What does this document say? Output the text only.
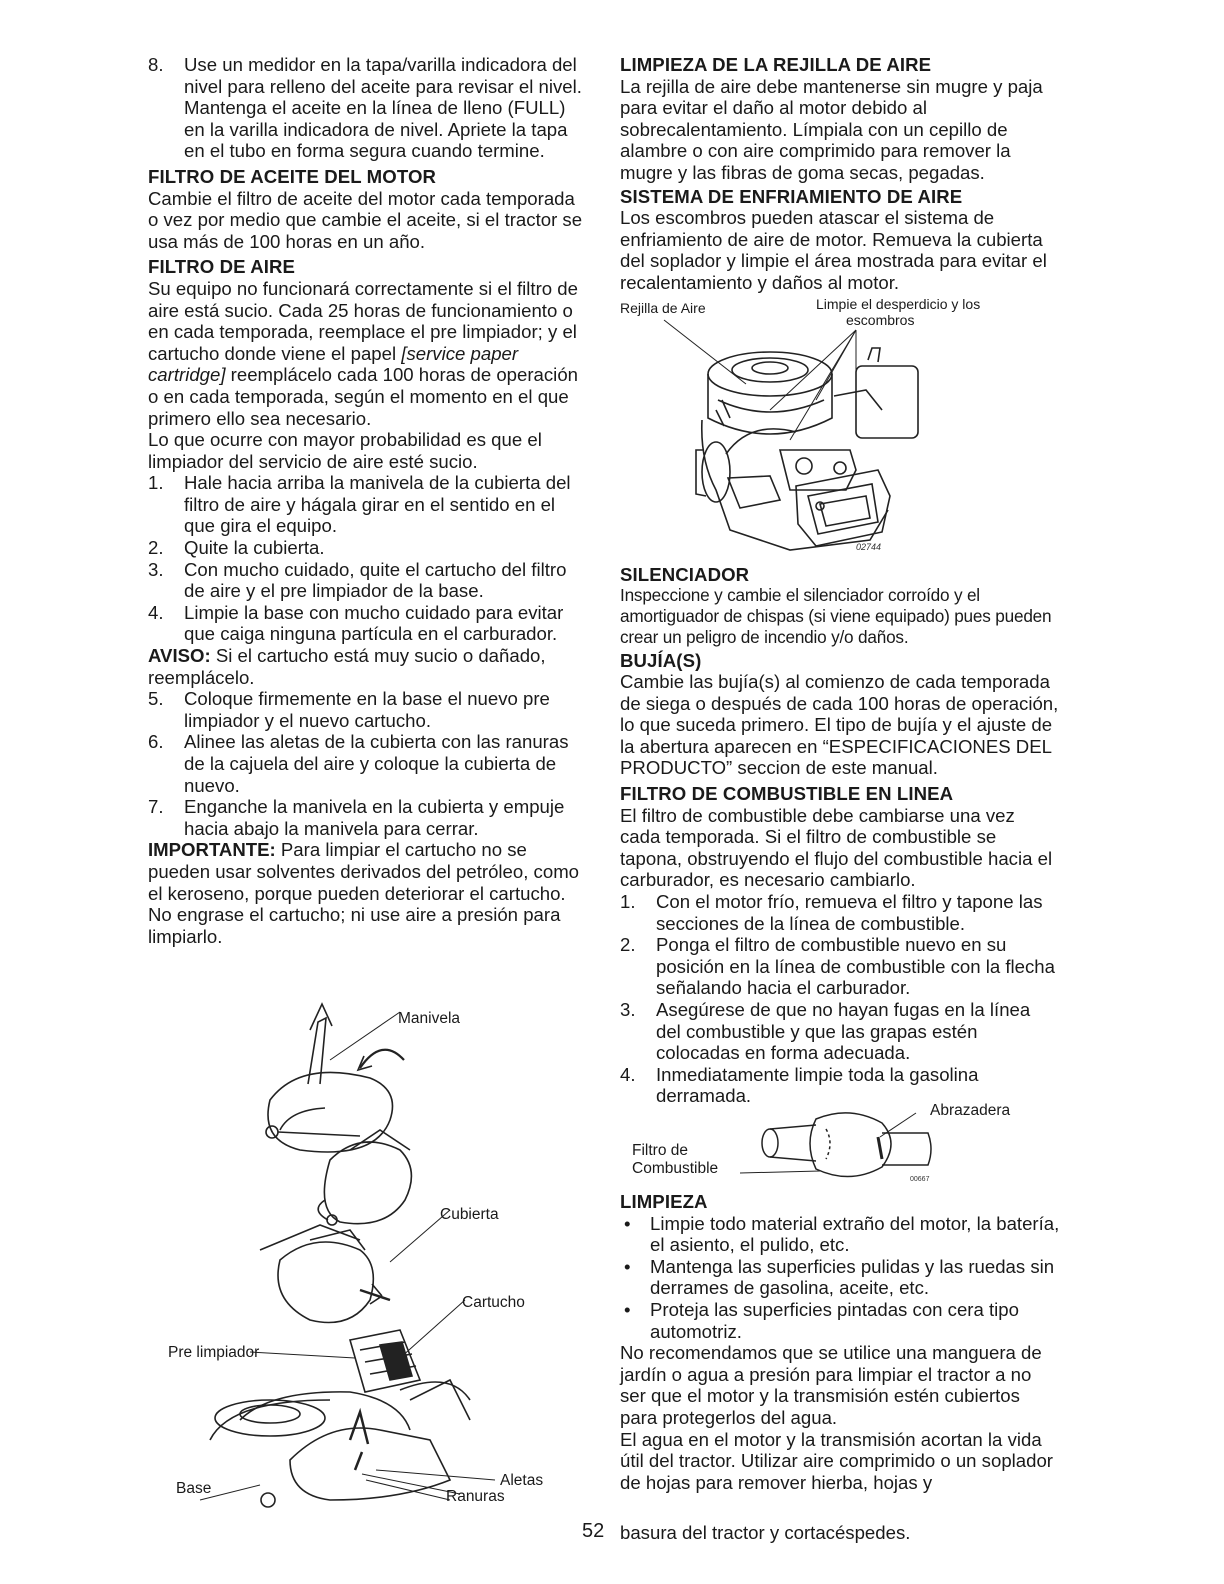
8.	Use un medidor en la tapa/varilla indicadora del nivel para relleno del aceite para revisar el nivel. Mantenga el aceite en la línea de lleno (FULL) en la varilla indicadora de nivel. Apriete la tapa en el tubo en forma segura cuando termine.
FILTRO DE ACEITE DEL MOTOR

Cambie el filtro de aceite del motor cada temporada o vez por medio que cambie el aceite, si el tractor se usa más de 100 horas en un año.

FILTRO DE AIRE

Su equipo no funcionará correctamente si el filtro de aire está sucio. Cada 25 horas de funcionamiento o en cada temporada, reemplace el pre limpiador; y el cartucho donde viene el papel [service paper cartridge] reemplácelo cada 100 horas de operación o en cada temporada, según el momento en el que primero ello sea necesario.

Lo que ocurre con mayor probabilidad es que el limpiador del servicio de aire esté sucio.

1.	Hale hacia arriba la manivela de la cubierta del filtro de aire y hágala girar en el sentido en el que gira el equipo.
2.	Quite la cubierta.
3.	Con mucho cuidado, quite el cartucho del filtro de aire y el pre limpiador de la base.
4.	Limpie la base con mucho cuidado para evitar que caiga ninguna partícula en el carburador.

AVISO: Si el cartucho está muy sucio o dañado, reemplácelo.

5.	Coloque firmemente en la base el nuevo pre limpiador y el nuevo cartucho.
6.	Alinee las aletas de la cubierta con las ranuras de la cajuela del aire y coloque la cubierta de nuevo.
7.	Enganche la manivela en la cubierta y empuje hacia abajo la manivela para cerrar.

IMPORTANTE: Para limpiar el cartucho no se pueden usar solventes derivados del petróleo, como el keroseno, porque pueden deteriorar el cartucho. No engrase el cartucho; ni use aire a presión para limpiarlo.

Manivela
Cubierta
Cartucho
Pre limpiador
Base	Aletas
Ranuras
LIMPIEZA DE LA REJILLA DE AIRE

La rejilla de aire debe mantenerse sin mugre y paja para evitar el daño al motor debido al sobrecalentamiento. Límpiala con un cepillo de alambre o con aire comprimido para remover la mugre y las fibras de goma secas, pegadas.

SISTEMA DE ENFRIAMIENTO DE AIRE

Los escombros pueden atascar el sistema de enfriamiento de aire de motor. Remueva la cubierta del soplador y limpie el área mostrada para evitar el recalentamiento y daños al motor.

Rejilla de Aire	Limpie el desperdicio y los
escombros
02744
SILENCIADOR

Inspeccione y cambie el silenciador corroído y el amortiguador de chispas (si viene equipado) pues pueden crear un peligro de incendio y/o daños.

BUJÍA(S)

Cambie las bujía(s) al comienzo de cada temporada de siega o después de cada 100 horas de operación, lo que suceda primero. El tipo de bujía y el ajuste de la abertura aparecen en “ESPECIFICACIONES DEL PRODUCTO” seccion de este manual.

FILTRO DE COMBUSTIBLE EN LINEA

El filtro de combustible debe cambiarse una vez cada temporada. Si el filtro de combustible se tapona, obstruyendo el flujo del combustible hacia el carburador, es necesario cambiarlo.

1.	Con el motor frío, remueva el filtro y tapone las secciones de la línea de combustible.
2.	Ponga el filtro de combustible nuevo en su posición en la línea de combustible con la flecha señalando hacia el carburador.
3.	Asegúrese de que no hayan fugas en la línea del combustible y que las grapas estén colocadas en forma adecuada.
4.	Inmediatamente limpie toda la gasolina derramada.
00667
Abrazadera
Filtro de
Combustible
LIMPIEZA
•	Limpie todo material extraño del motor, la batería, el asiento, el pulido, etc.
•	Mantenga las superficies pulidas y las ruedas sin derrames de gasolina, aceite, etc.
•	Proteja las superficies pintadas con cera tipo automotriz.

No recomendamos que se utilice una manguera de jardín o agua a presión para limpiar el tractor a no ser que el motor y la transmisión estén cubiertos para protegerlos del agua.

El agua en el motor y la transmisión acortan la vida útil del tractor. Utilizar aire comprimido o un soplador de hojas para remover hierba, hojas y

52 basura del tractor y cortacéspedes.
